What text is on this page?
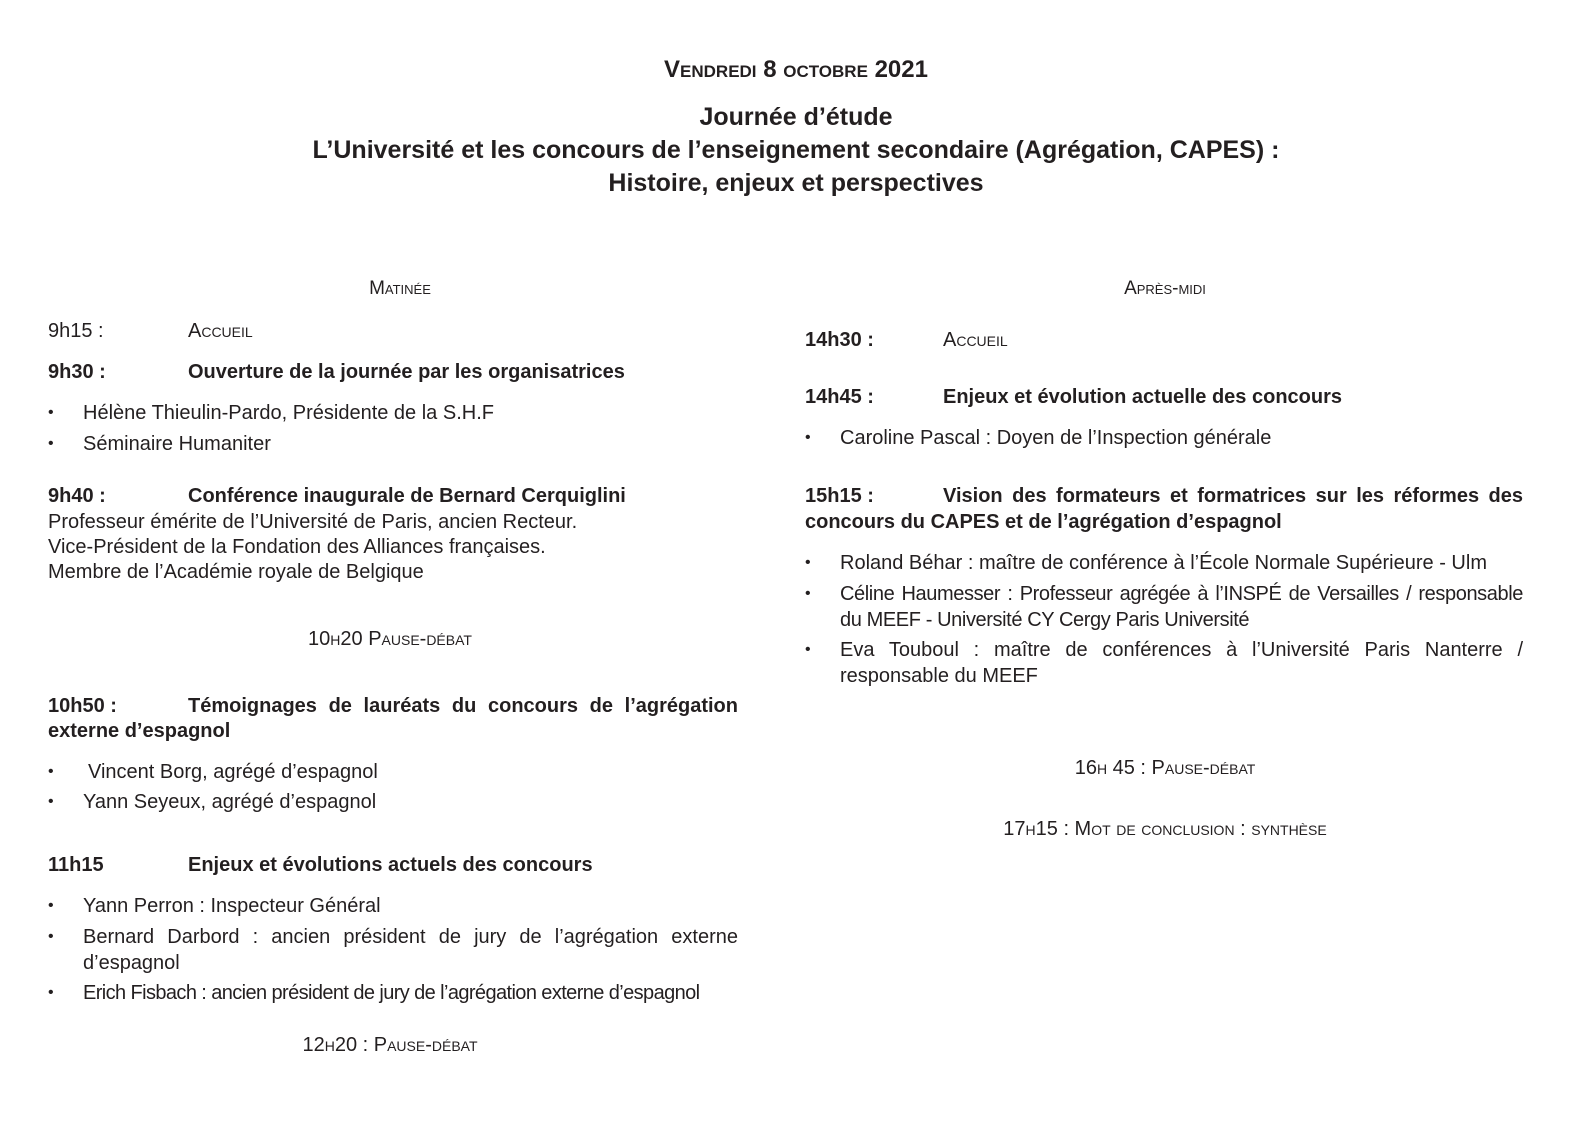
Vendredi 8 octobre 2021
Journée d’étude
L’Université et les concours de l’enseignement secondaire (Agrégation, CAPES) :
Histoire, enjeux et perspectives
Matinée
9h15 :	Accueil
9h30 :	Ouverture de la journée par les organisatrices
• Hélène Thieulin-Pardo, Présidente de la S.H.F
• Séminaire Humaniter
9h40 :	Conférence inaugurale de Bernard Cerquiglini
Professeur émérite de l’Université de Paris, ancien Recteur.
Vice-Président de la Fondation des Alliances françaises.
Membre de l’Académie royale de Belgique
10h20 Pause-débat
10h50 :	Témoignages de lauréats du concours de l’agrégation
externe d’espagnol
• Vincent Borg, agrégé d’espagnol
• Yann Seyeux, agrégé d’espagnol
11h15	Enjeux et évolutions actuels des concours
• Yann Perron : Inspecteur Général
• Bernard Darbord : ancien président de jury de l’agrégation externe d’espagnol
• Erich Fisbach : ancien président de jury de l’agrégation externe d’espagnol
12h20 : Pause-débat
Après-midi
14h30 :	Accueil
14h45 :	Enjeux et évolution actuelle des concours
• Caroline Pascal : Doyen de l’Inspection générale
15h15 :	Vision des formateurs et formatrices sur les réformes des
concours du CAPES et de l’agrégation d’espagnol
• Roland Béhar : maître de conférence à l’École Normale Supérieure - Ulm
• Céline Haumesser : Professeur agrégée à l’INSPÉ de Versailles / responsable du MEEF - Université CY Cergy Paris Université
• Eva Touboul : maître de conférences à l’Université Paris Nanterre / responsable du MEEF
16h 45 : Pause-débat
17h15 : Mot de conclusion : synthèse
